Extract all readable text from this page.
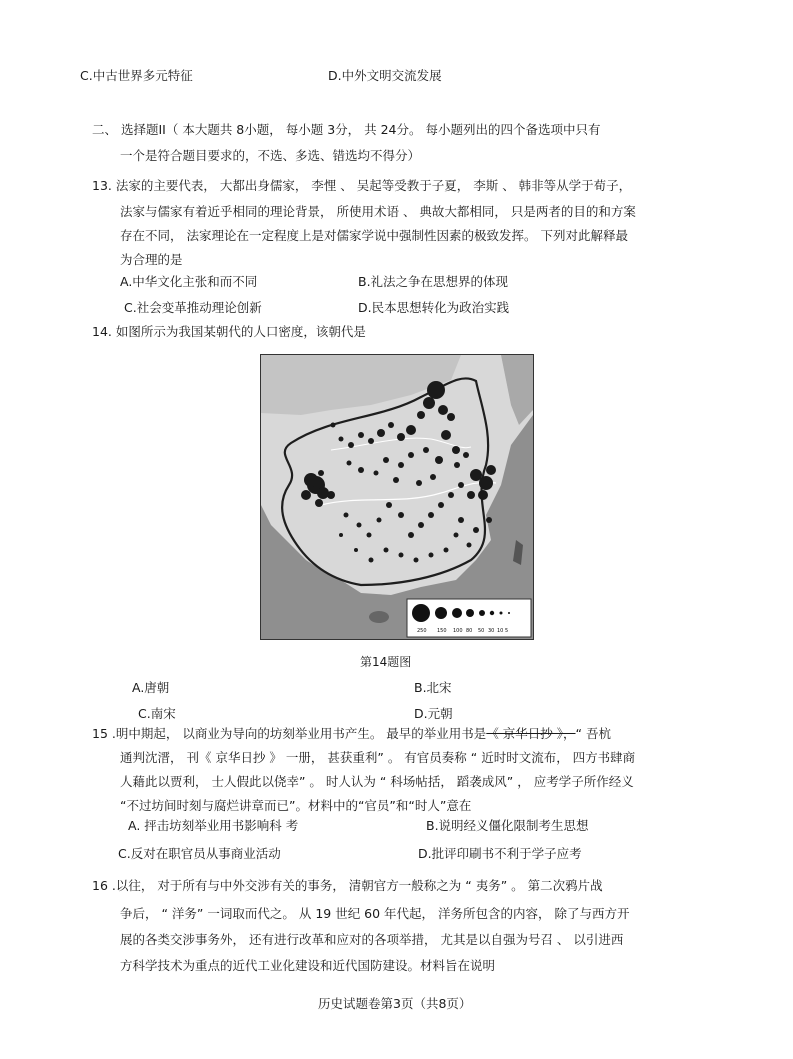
C.中古世界多元特征	D.中外文明交流发展
二、 选择题II（ 本大题共 8小题， 每小题 3分， 共 24分。 每小题列出的四个备选项中只有
一个是符合题目要求的，不选、多选、错选均不得分）
13. 法家的主要代表， 大都出身儒家， 李悝 、 吴起等受教于子夏， 李斯 、 韩非等从学于荀子，
法家与儒家有着近乎相同的理论背景， 所使用术语 、 典故大都相同， 只是两者的目的和方案
存在不同， 法家理论在一定程度上是对儒家学说中强制性因素的极致发挥。 下列对此解释最
为合理的是
A.中华文化主张和而不同	B.礼法之争在思想界的体现
C.社会变革推动理论创新	D.民本思想转化为政治实践
14. 如图所示为我国某朝代的人口密度，该朝代是
250 150 100 80 50 30 10 5
第14题图
A.唐朝	B.北宋
C.南宋	D.元朝
15 .明中期起， 以商业为导向的坊刻举业用书产生。 最早的举业用书是《 京华日抄 》，“ 吾杭
通判沈溍， 刊《 京华日抄 》 一册， 甚获重利” 。 有官员奏称 “ 近时时文流布， 四方书肆商
人藉此以贾利， 士人假此以侥幸” 。 时人认为 “ 科场帖括， 蹈袭成风” ， 应考学子所作经义
“不过坊间时刻与腐烂讲章而已”。材料中的“官员”和“时人”意在
A. 抨击坊刻举业用书影响科 考	B.说明经义僵化限制考生思想
C.反对在职官员从事商业活动	D.批评印刷书不利于学子应考
16 .以往， 对于所有与中外交涉有关的事务， 清朝官方一般称之为 “ 夷务” 。 第二次鸦片战
争后， “ 洋务” 一词取而代之。 从 19 世纪 60 年代起， 洋务所包含的内容， 除了与西方开
展的各类交涉事务外， 还有进行改革和应对的各项举措， 尤其是以自强为号召 、 以引进西
方科学技术为重点的近代工业化建设和近代国防建设。材料旨在说明
历史试题卷第3页（共8页）
